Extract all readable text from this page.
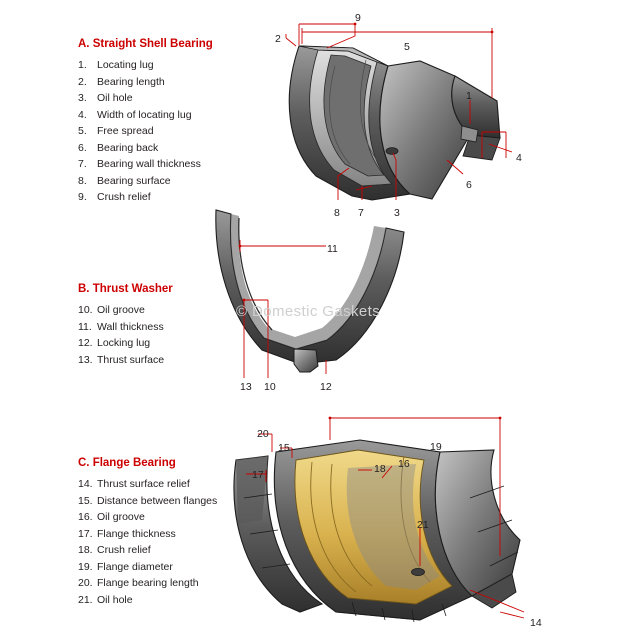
© Domestic Gaskets
A. Straight Shell Bearing
1. Locating lug
2. Bearing length
3. Oil hole
4. Width of locating lug
5. Free spread
6. Bearing back
7. Bearing wall thickness
8. Bearing surface
9. Crush relief
B. Thrust Washer
10. Oil groove
11. Wall thickness
12. Locking lug
13. Thrust surface
C. Flange Bearing
14. Thrust surface relief
15. Distance between flanges
16. Oil groove
17. Flange thickness
18. Crush relief
19. Flange diameter
20. Flange bearing length
21. Oil hole
9
2
5
1
4
6
8 7	3
11
13 10	12
20
15	19
17	18 16
21
14
